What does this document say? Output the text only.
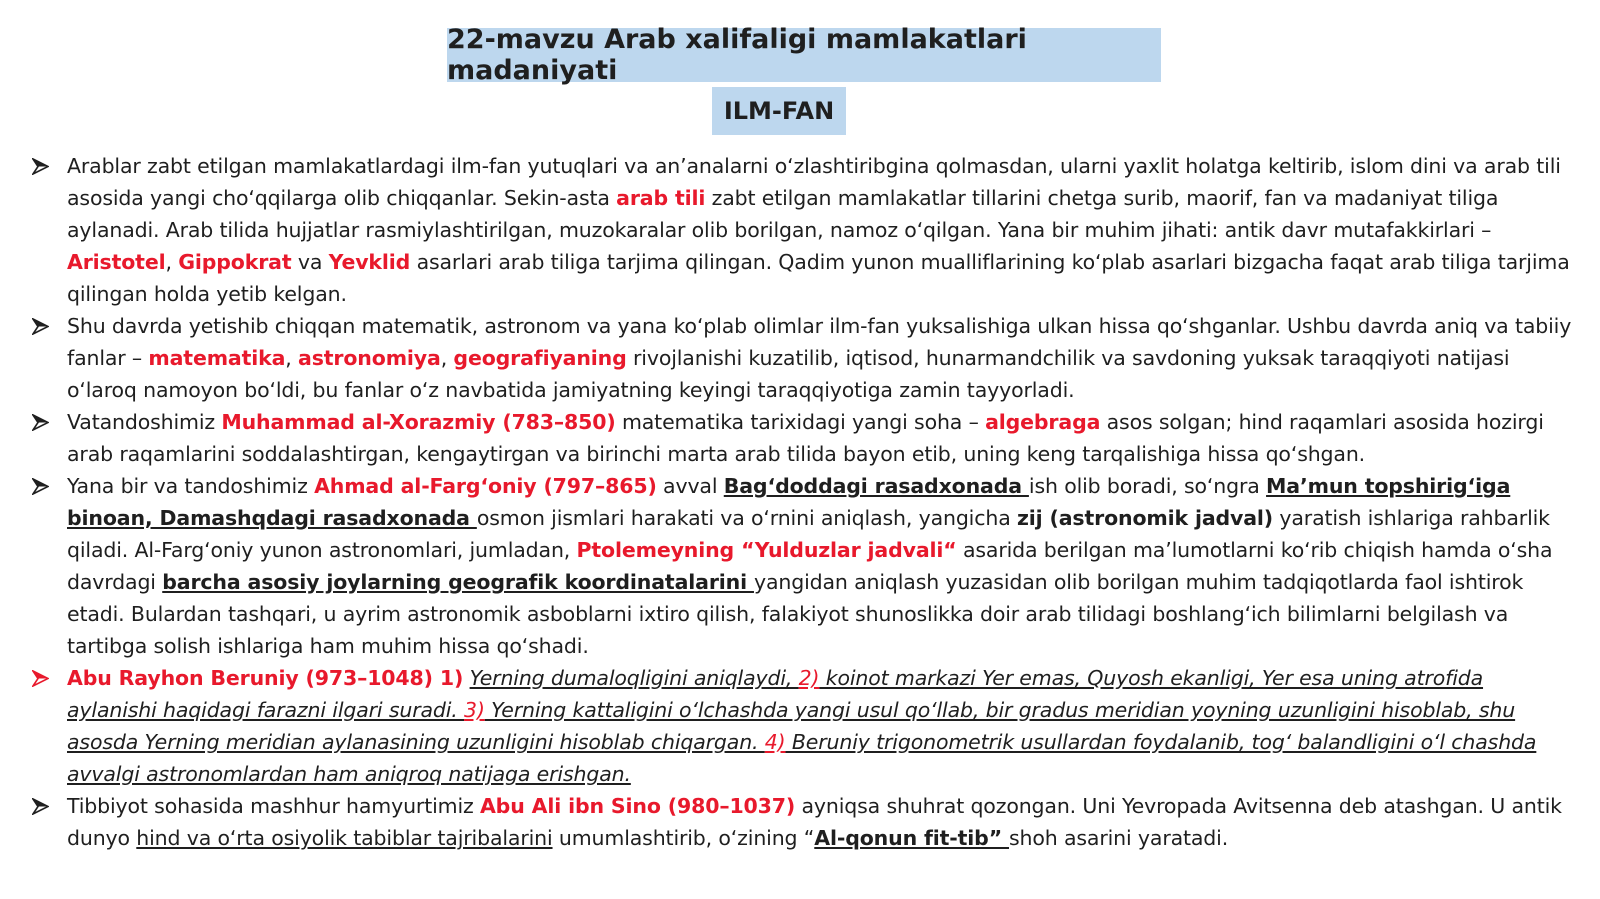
22-mavzu Arab xalifaligi mamlakatlari madaniyati
ILM-FAN
Arablar zabt etilgan mamlakatlardagi ilm-fan yutuqlari va an’analarni oʻzlashtiribgina qolmasdan, ularni yaxlit holatga keltirib, islom dini va arab tili asosida yangi choʻqqilarga olib chiqqanlar. Sekin-asta arab tili zabt etilgan mamlakatlar tillarini chetga surib, maorif, fan va madaniyat tiliga aylanadi. Arab tilida hujjatlar rasmiylashtirilgan, muzokaralar olib borilgan, namoz oʻqilgan. Yana bir muhim jihati: antik davr mutafakkirlari – Aristotel, Gippokrat va Yevklid asarlari arab tiliga tarjima qilingan. Qadim yunon mualliflarining koʻplab asarlari bizgacha faqat arab tiliga tarjima qilingan holda yetib kelgan.
Shu davrda yetishib chiqqan matematik, astronom va yana koʻplab olimlar ilm-fan yuksalishiga ulkan hissa qoʻshganlar. Ushbu davrda aniq va tabiiy fanlar – matematika, astronomiya, geografiyaning rivojlanishi kuzatilib, iqtisod, hunarmandchilik va savdoning yuksak taraqqiyoti natijasi oʻlaroq namoyon boʻldi, bu fanlar oʻz navbatida jamiyatning keyingi taraqqiyotiga zamin tayyorladi.
Vatandoshimiz Muhammad al-Xorazmiy (783–850) matematika tarixidagi yangi soha – algebraga asos solgan; hind raqamlari asosida hozirgi arab raqamlarini soddalashtirgan, kengaytirgan va birinchi marta arab tilida bayon etib, uning keng tarqalishiga hissa qoʻshgan.
Yana bir va tandoshimiz Ahmad al-Fargʻoniy (797–865) avval Bagʻdoddagi rasadxonada ish olib boradi, soʻngra Ma’mun topshirigʻiga binoan, Damashqdagi rasadxonada osmon jismlari harakati va oʻrnini aniqlash, yangicha zij (astronomik jadval) yaratish ishlariga rahbarlik qiladi. Al-Fargʻoniy yunon astronomlari, jumladan, Ptolemeyning “Yulduzlar jadvali“ asarida berilgan ma’lumotlarni koʻrib chiqish hamda oʻsha davrdagi barcha asosiy joylarning geografik koordinatalarini yangidan aniqlash yuzasidan olib borilgan muhim tadqiqotlarda faol ishtirok etadi. Bulardan tashqari, u ayrim astronomik asboblarni ixtiro qilish, falakiyot shunoslikka doir arab tilidagi boshlangʻich bilimlarni belgilash va tartibga solish ishlariga ham muhim hissa qoʻshadi.
Abu Rayhon Beruniy (973–1048) 1) Yerning dumaloqligini aniqlaydi, 2) koinot markazi Yer emas, Quyosh ekanligi, Yer esa uning atrofida aylanishi haqidagi farazni ilgari suradi. 3) Yerning kattaligini oʻlchashda yangi usul qoʻllab, bir gradus meridian yoyning uzunligini hisoblab, shu asosda Yerning meridian aylanasining uzunligini hisoblab chiqargan. 4) Beruniy trigonometrik usullardan foydalanib, togʻ balandligini oʻl chashda avvalgi astronomlardan ham aniqroq natijaga erishgan.
Tibbiyot sohasida mashhur hamyurtimiz Abu Ali ibn Sino (980–1037) ayniqsa shuhrat qozongan. Uni Yevropada Avitsenna deb atashgan. U antik dunyo hind va oʻrta osiyolik tabiblar tajribalarini umumlashtirib, oʻzining “Al-qonun fit-tib” shoh asarini yaratadi.
